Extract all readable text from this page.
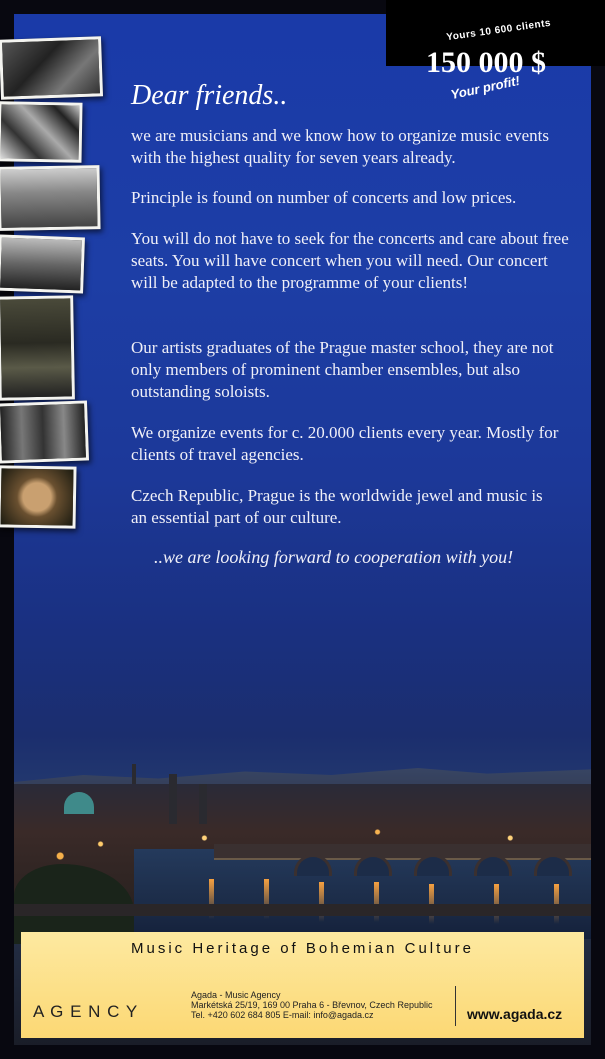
Yours 10 600 clients
150 000 $
Your profit!
Dear friends..
we are musicians and we know how to organize music events with the highest quality for seven years already.
Principle is found on number of concerts and low prices.
You will do not have to seek for the concerts and care about free seats. You will have concert when you will need. Our concert will be adapted to the programme of your clients!
Our artists graduates of the Prague master school, they are not only members of prominent chamber ensembles, but also outstanding soloists.
We organize events for c. 20.000 clients every year. Mostly for clients of travel agencies.
Czech Republic, Prague is the worldwide jewel and music is an essential part of our culture.
..we are looking forward to cooperation with you!
Music Heritage of Bohemian Culture
A G E N C Y
Agada - Music Agency
Markétská 25/19, 169 00 Praha 6 - Břevnov, Czech Republic
Tel. +420 602 684 805 E-mail: info@agada.cz	www.agada.cz
